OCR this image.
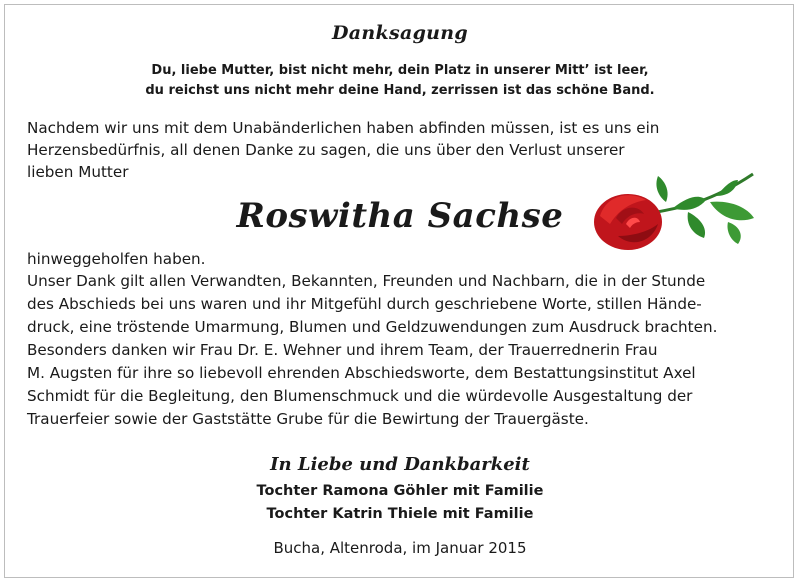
Danksagung
Du, liebe Mutter, bist nicht mehr, dein Platz in unserer Mitt’ ist leer,
du reichst uns nicht mehr deine Hand, zerrissen ist das schöne Band.
Nachdem wir uns mit dem Unabänderlichen haben abfinden müssen, ist es uns ein
Herzensbedürfnis, all denen Danke zu sagen, die uns über den Verlust unserer
lieben Mutter
Roswitha Sachse
hinweggeholfen haben.
Unser Dank gilt allen Verwandten, Bekannten, Freunden und Nachbarn, die in der Stunde
des Abschieds bei uns waren und ihr Mitgefühl durch geschriebene Worte, stillen Hände-
druck, eine tröstende Umarmung, Blumen und Geldzuwendungen zum Ausdruck brachten.
Besonders danken wir Frau Dr. E. Wehner und ihrem Team, der Trauerrednerin Frau
M. Augsten für ihre so liebevoll ehrenden Abschiedsworte, dem Bestattungsinstitut Axel
Schmidt für die Begleitung, den Blumenschmuck und die würdevolle Ausgestaltung der
Trauerfeier sowie der Gaststätte Grube für die Bewirtung der Trauergäste.
In Liebe und Dankbarkeit
Tochter Ramona Göhler mit Familie
Tochter Katrin Thiele mit Familie
Bucha, Altenroda, im Januar 2015
